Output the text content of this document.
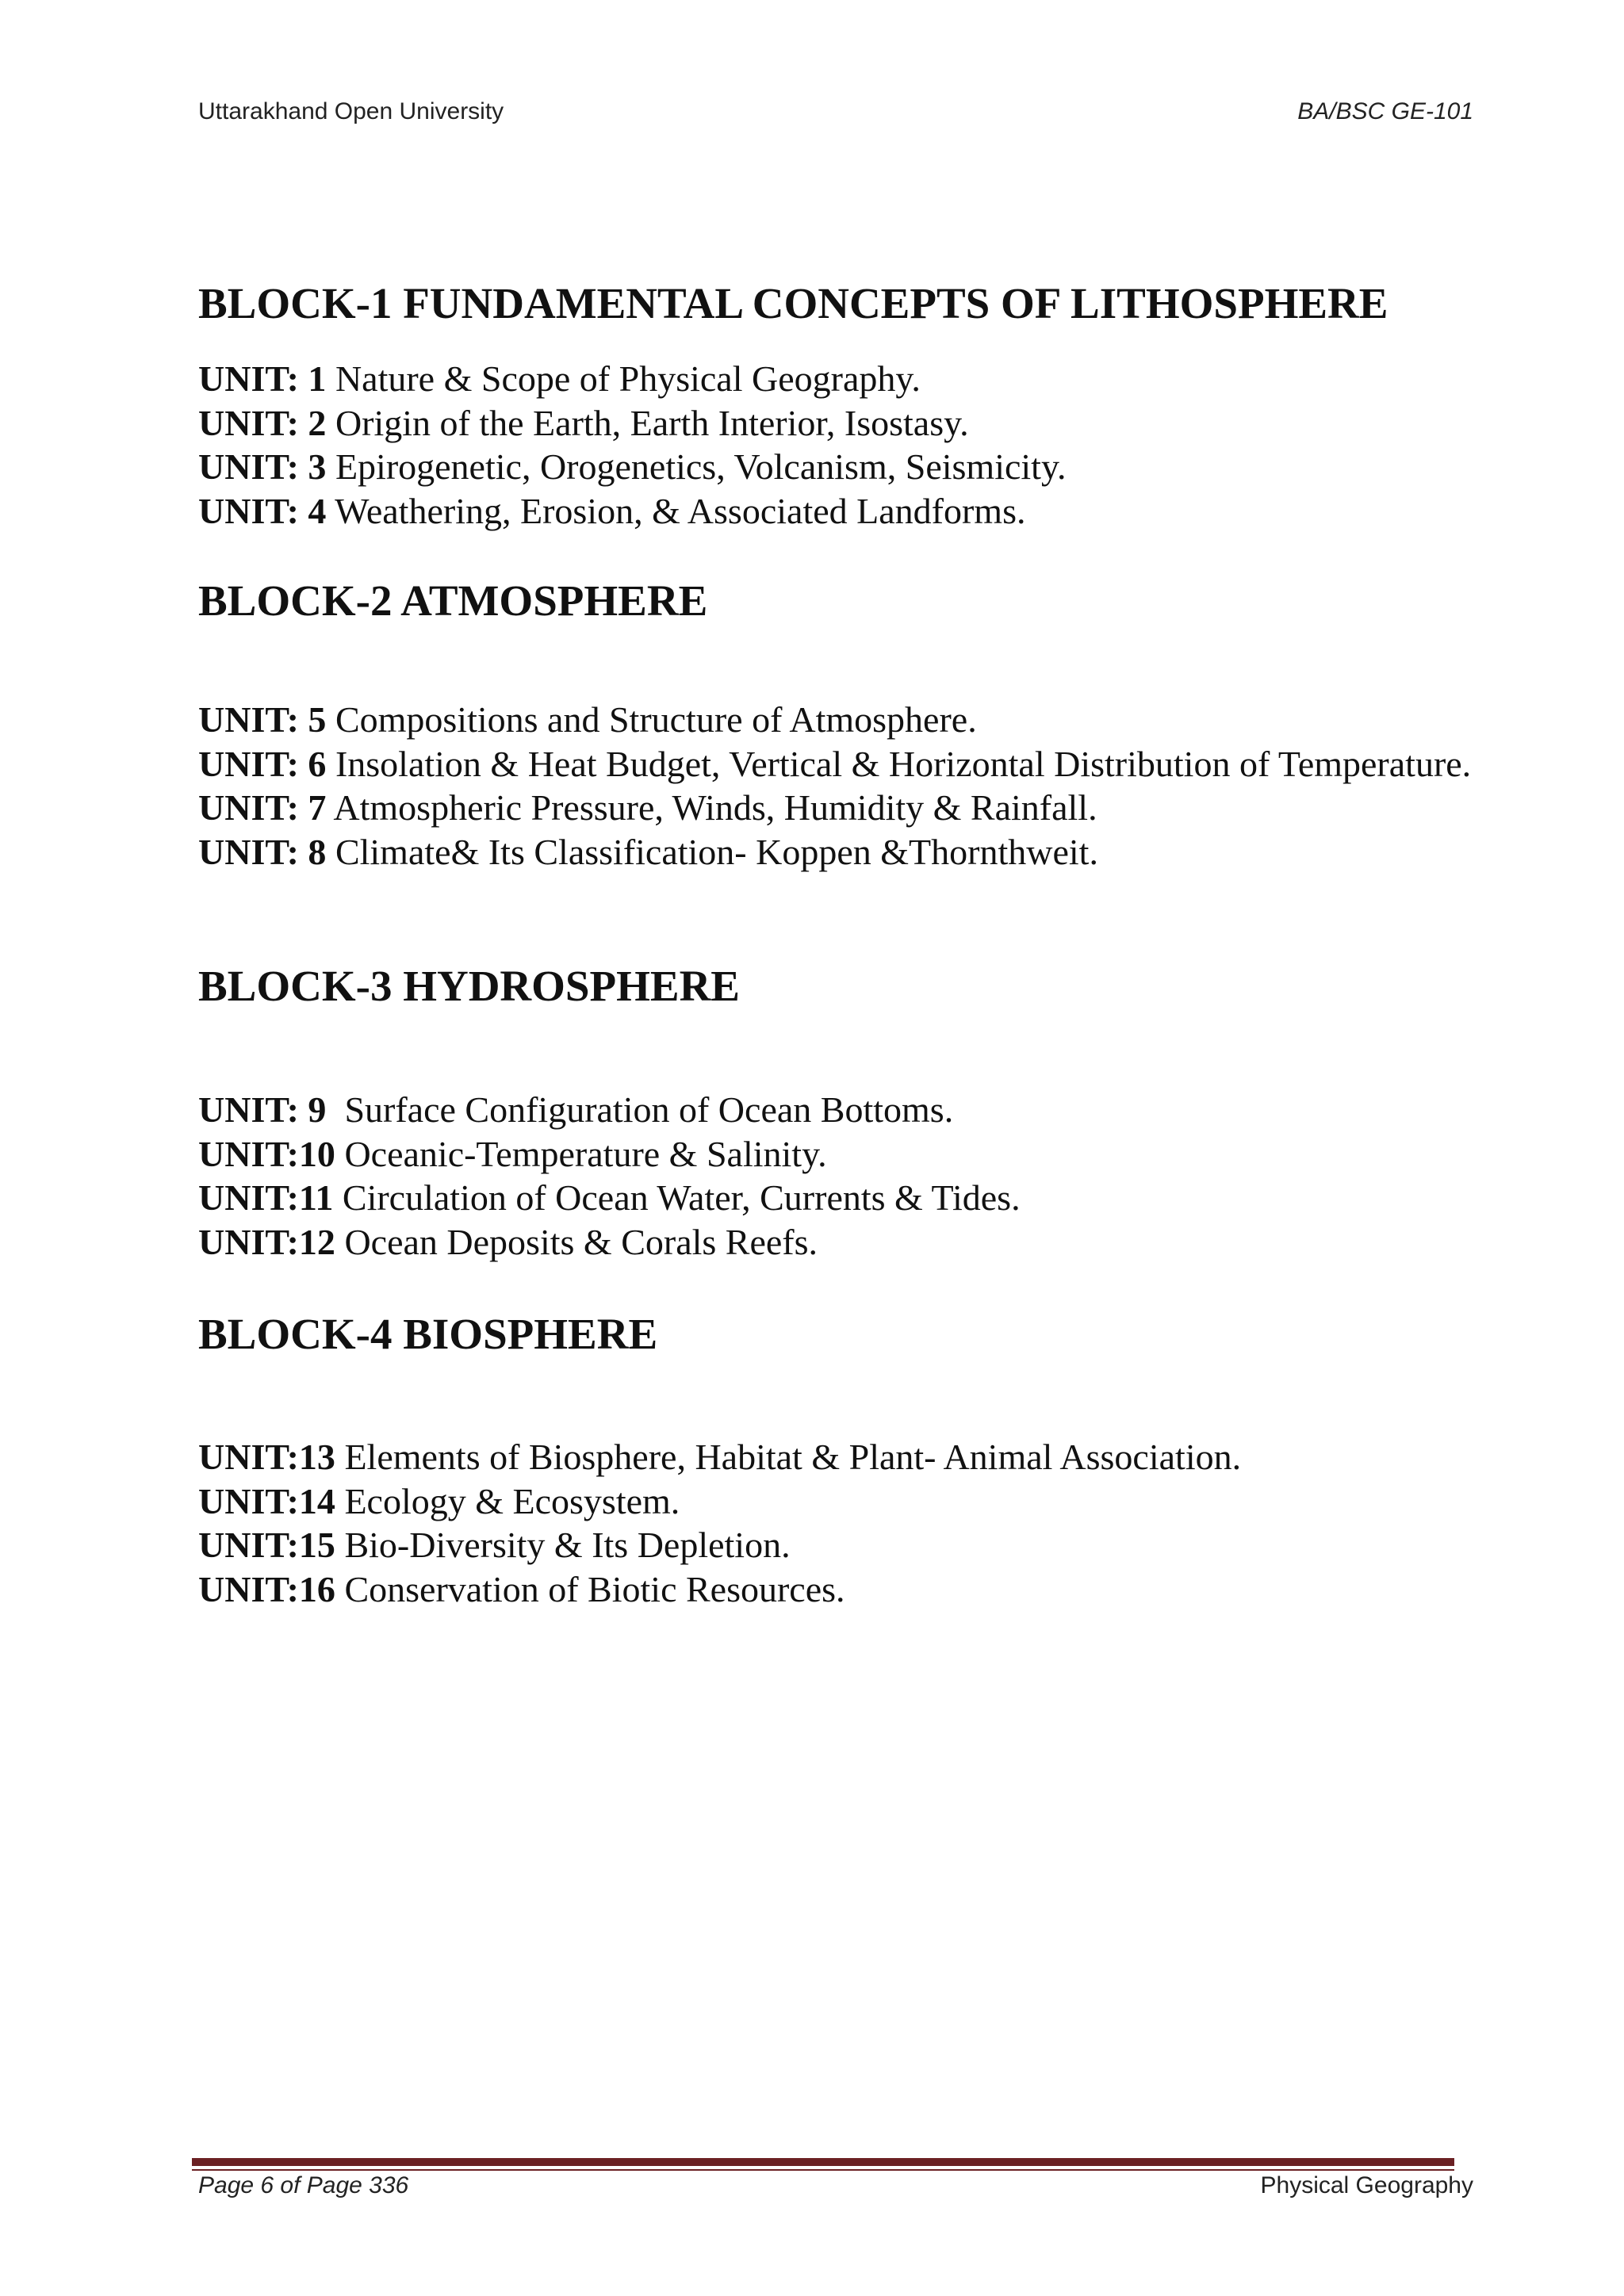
Uttarakhand Open University	BA/BSC GE-101
BLOCK-1 FUNDAMENTAL CONCEPTS OF LITHOSPHERE

UNIT: 1 Nature & Scope of Physical Geography.

UNIT: 2 Origin of the Earth, Earth Interior, Isostasy.

UNIT: 3 Epirogenetic, Orogenetics, Volcanism, Seismicity.

UNIT: 4 Weathering, Erosion, & Associated Landforms.

BLOCK-2 ATMOSPHERE

UNIT: 5 Compositions and Structure of Atmosphere.

UNIT: 6 Insolation & Heat Budget, Vertical & Horizontal Distribution of Temperature.

UNIT: 7 Atmospheric Pressure, Winds, Humidity & Rainfall.

UNIT: 8 Climate& Its Classification- Koppen &Thornthweit.

BLOCK-3 HYDROSPHERE

UNIT: 9  Surface Configuration of Ocean Bottoms.

UNIT:10 Oceanic-Temperature & Salinity.

UNIT:11 Circulation of Ocean Water, Currents & Tides.

UNIT:12 Ocean Deposits & Corals Reefs.

BLOCK-4 BIOSPHERE

UNIT:13 Elements of Biosphere, Habitat & Plant- Animal Association.

UNIT:14 Ecology & Ecosystem.

UNIT:15 Bio-Diversity & Its Depletion.

UNIT:16 Conservation of Biotic Resources.

Page 6 of Page 336	Physical Geography
